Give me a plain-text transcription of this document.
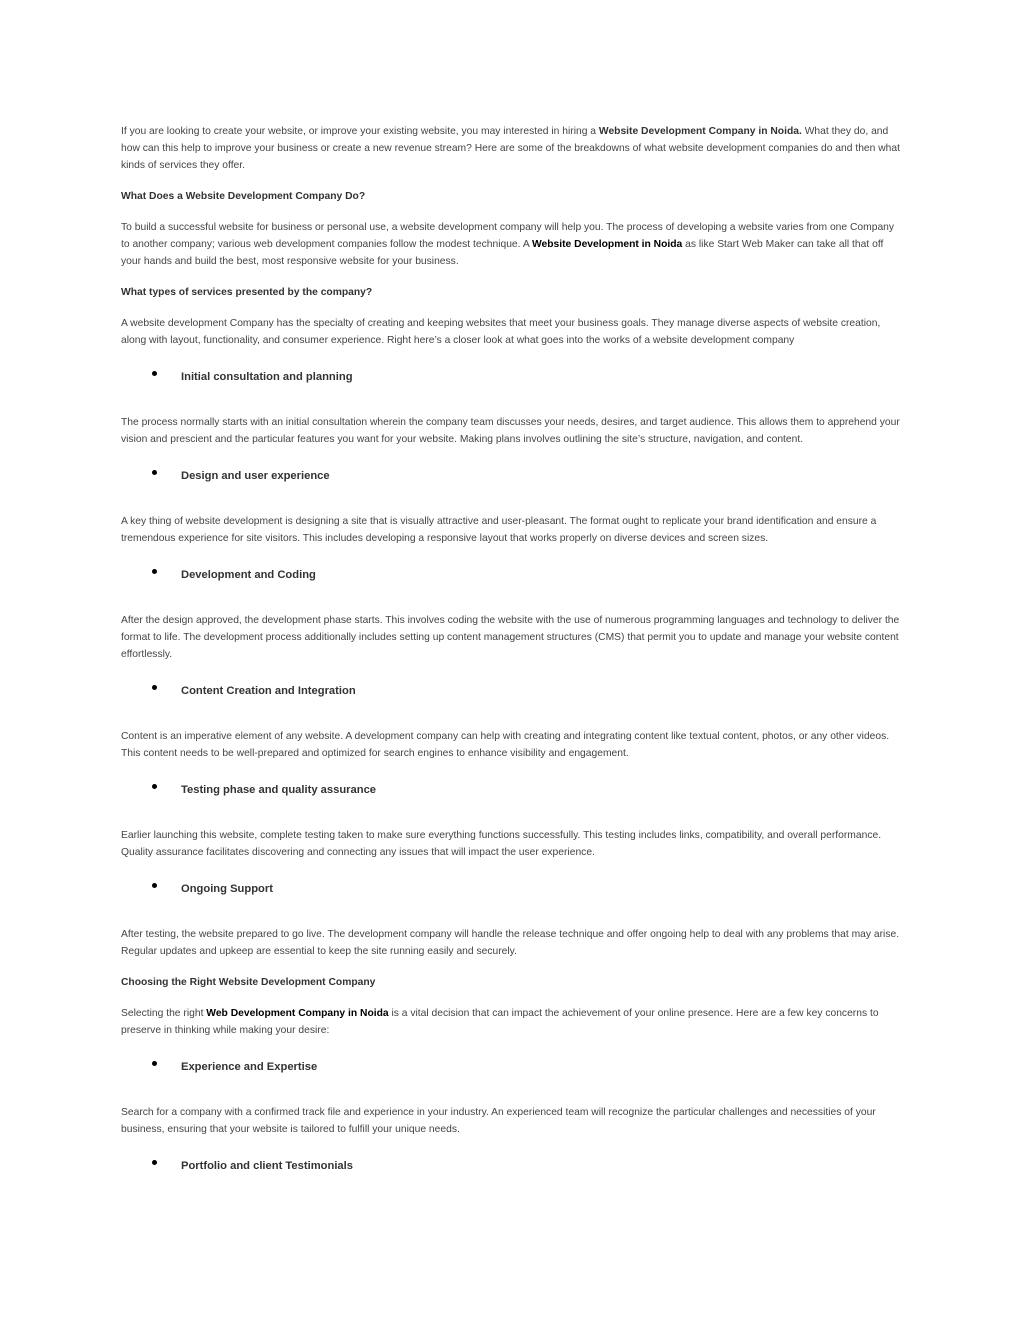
If you are looking to create your website, or improve your existing website, you may interested in hiring a Website Development Company in Noida. What they do, and how can this help to improve your business or create a new revenue stream? Here are some of the breakdowns of what website development companies do and then what kinds of services they offer.

What Does a Website Development Company Do?

To build a successful website for business or personal use, a website development company will help you. The process of developing a website varies from one Company to another company; various web development companies follow the modest technique. A Website Development in Noida as like Start Web Maker can take all that off your hands and build the best, most responsive website for your business.

What types of services presented by the company?

A website development Company has the specialty of creating and keeping websites that meet your business goals. They manage diverse aspects of website creation, along with layout, functionality, and consumer experience. Right here’s a closer look at what goes into the works of a website development company

Initial consultation and planning

The process normally starts with an initial consultation wherein the company team discusses your needs, desires, and target audience. This allows them to apprehend your vision and prescient and the particular features you want for your website. Making plans involves outlining the site’s structure, navigation, and content.

Design and user experience

A key thing of website development is designing a site that is visually attractive and user-pleasant. The format ought to replicate your brand identification and ensure a tremendous experience for site visitors. This includes developing a responsive layout that works properly on diverse devices and screen sizes.

Development and Coding

After the design approved, the development phase starts. This involves coding the website with the use of numerous programming languages and technology to deliver the format to life. The development process additionally includes setting up content management structures (CMS) that permit you to update and manage your website content effortlessly.

Content Creation and Integration

Content is an imperative element of any website. A development company can help with creating and integrating content like textual content, photos, or any other videos. This content needs to be well-prepared and optimized for search engines to enhance visibility and engagement.

Testing phase and quality assurance

Earlier launching this website, complete testing taken to make sure everything functions successfully. This testing includes links, compatibility, and overall performance. Quality assurance facilitates discovering and connecting any issues that will impact the user experience.

Ongoing Support

After testing, the website prepared to go live. The development company will handle the release technique and offer ongoing help to deal with any problems that may arise. Regular updates and upkeep are essential to keep the site running easily and securely.

Choosing the Right Website Development Company

Selecting the right Web Development Company in Noida is a vital decision that can impact the achievement of your online presence. Here are a few key concerns to preserve in thinking while making your desire:

Experience and Expertise

Search for a company with a confirmed track file and experience in your industry. An experienced team will recognize the particular challenges and necessities of your business, ensuring that your website is tailored to fulfill your unique needs.

Portfolio and client Testimonials
